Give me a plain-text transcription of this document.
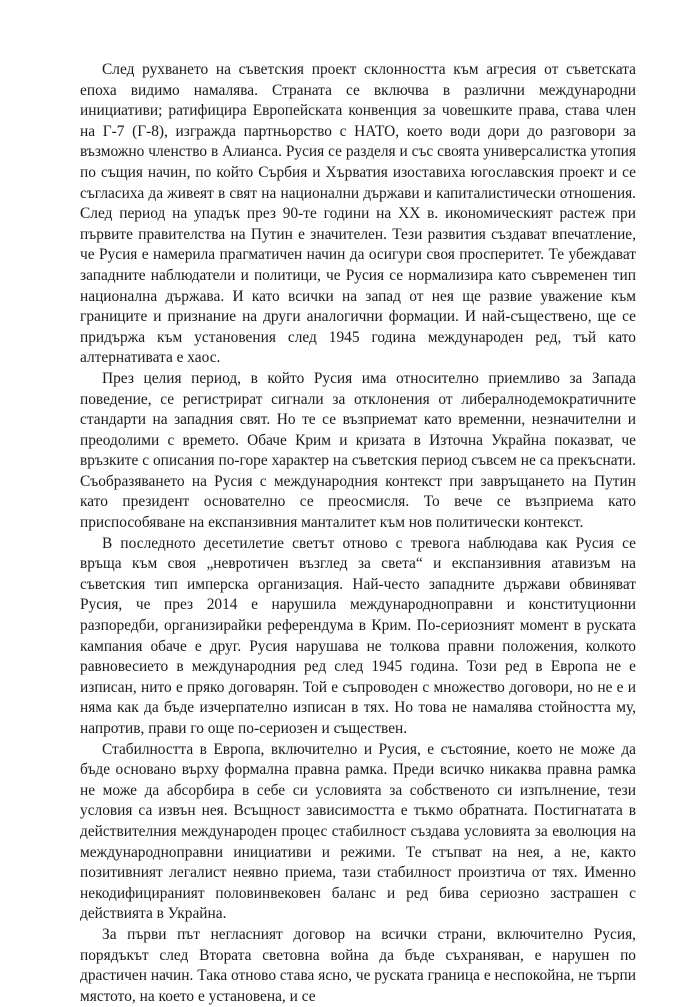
След рухването на съветския проект склонността към агресия от съветската епоха видимо намалява. Страната се включва в различни международни инициативи; ратифицира Европейската конвенция за човешките права, става член на Г-7 (Г-8), изгражда партньорство с НАТО, което води дори до разговори за възможно членство в Алианса. Русия се разделя и със своята универсалистка утопия по същия начин, по който Сърбия и Хърватия изоставиха югославския проект и се съгласиха да живеят в свят на национални държави и капиталистически отношения. След период на упадък през 90-те години на XX в. икономическият растеж при първите правителства на Путин е значителен. Тези развития създават впечатление, че Русия е намерила прагматичен начин да осигури своя просперитет. Те убеждават западните наблюдатели и политици, че Русия се нормализира като съвременен тип национална държава. И като всички на запад от нея ще развие уважение към границите и признание на други аналогични формации. И най-съществено, ще се придържа към установения след 1945 година международен ред, тъй като алтернативата е хаос.

През целия период, в който Русия има относително приемливо за Запада поведение, се регистрират сигнали за отклонения от либералнодемократичните стандарти на западния свят. Но те се възприемат като временни, незначителни и преодолими с времето. Обаче Крим и кризата в Източна Украйна показват, че връзките с описания по-горе характер на съветския период съвсем не са прекъснати. Съобразяването на Русия с международния контекст при завръщането на Путин като президент основателно се преосмисля. То вече се възприема като приспособяване на експанзивния манталитет към нов политически контекст.

В последното десетилетие светът отново с тревога наблюдава как Русия се връща към своя „невротичен възглед за света“ и експанзивния атавизъм на съветския тип имперска организация. Най-често западните държави обвиняват Русия, че през 2014 е нарушила международноправни и конституционни разпоредби, организирайки референдума в Крим. По-сериозният момент в руската кампания обаче е друг. Русия нарушава не толкова правни положения, колкото равновесието в международния ред след 1945 година. Този ред в Европа не е изписан, нито е пряко договарян. Той е съпроводен с множество договори, но не е и няма как да бъде изчерпателно изписан в тях. Но това не намалява стойността му, напротив, прави го още по-сериозен и съществен.

Стабилността в Европа, включително и Русия, е състояние, което не може да бъде основано върху формална правна рамка. Преди всичко никаква правна рамка не може да абсорбира в себе си условията за собственото си изпълнение, тези условия са извън нея. Всъщност зависимостта е тъкмо обратната. Постигнатата в действителния международен процес стабилност създава условията за еволюция на международноправни инициативи и режими. Те стъпват на нея, а не, както позитивният легалист неявно приема, тази стабилност произтича от тях. Именно некодифицираният половинвековен баланс и ред бива сериозно застрашен с действията в Украйна.

За първи път негласният договор на всички страни, включително Русия, порядъкът след Втората световна война да бъде съхраняван, е нарушен по драстичен начин. Така отново става ясно, че руската граница е неспокойна, не търпи мястото, на което е установена, и се
